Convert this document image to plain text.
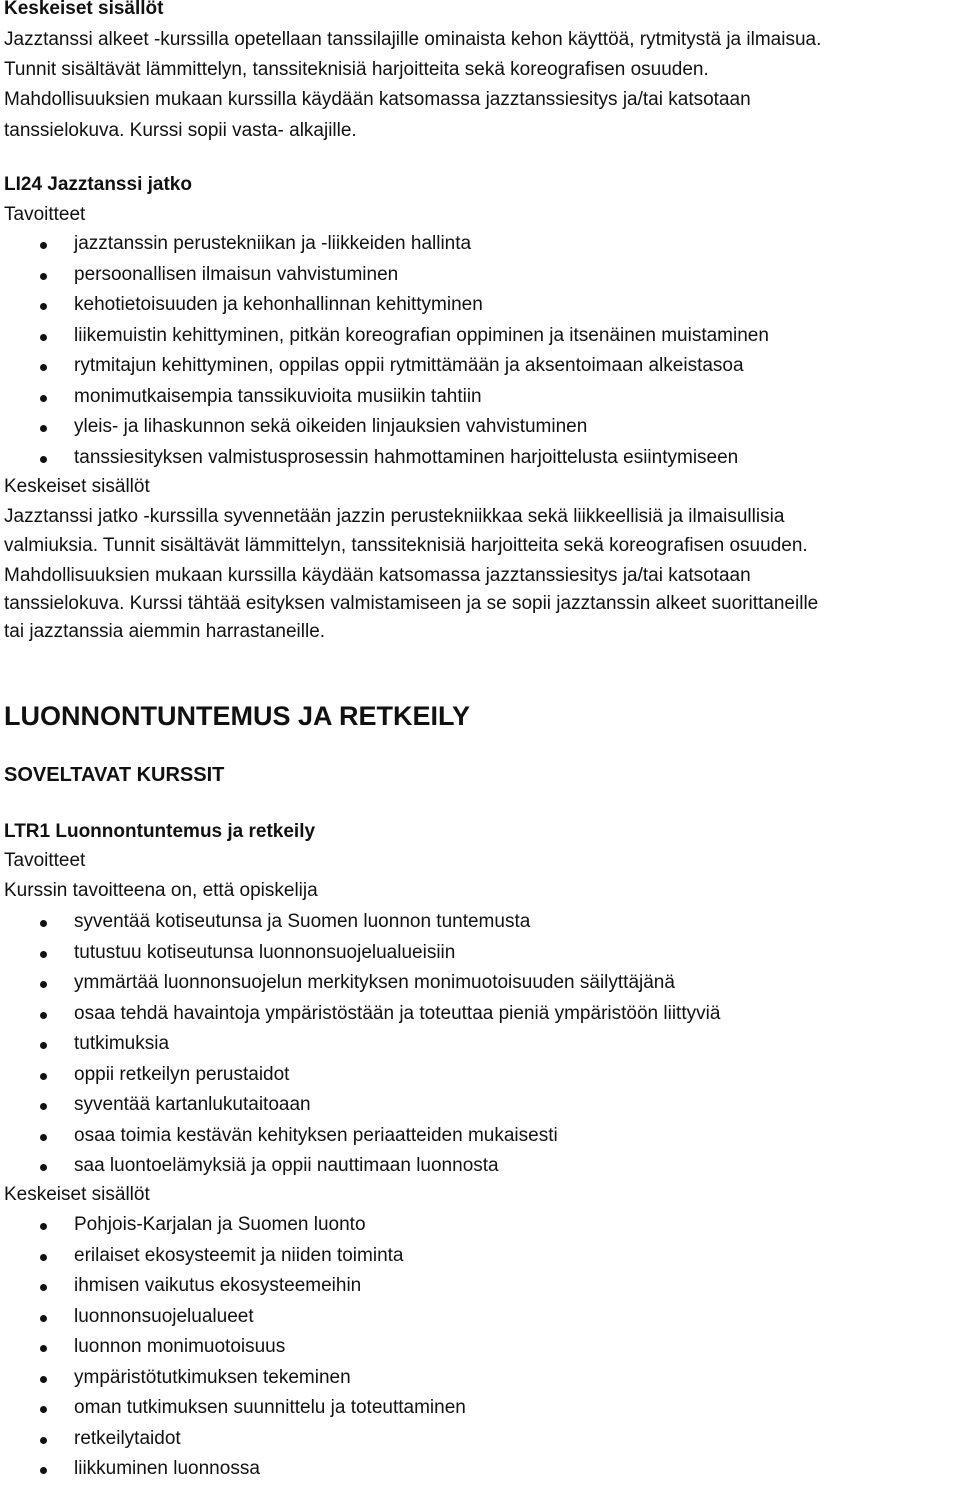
Keskeiset sisällöt
Jazztanssi alkeet -kurssilla opetellaan tanssilajille ominaista kehon käyttöä, rytmitystä ja ilmaisua.
Tunnit sisältävät lämmittelyn, tanssiteknisiä harjoitteita sekä koreografisen osuuden.
Mahdollisuuksien mukaan kurssilla käydään katsomassa jazztanssiesitys ja/tai katsotaan
tanssielokuva. Kurssi sopii vasta- alkajille.
LI24 Jazztanssi jatko
Tavoitteet
jazztanssin perustekniikan ja -liikkeiden hallinta
persoonallisen ilmaisun vahvistuminen
kehotietoisuuden ja kehonhallinnan kehittyminen
liikemuistin kehittyminen, pitkän koreografian oppiminen ja itsenäinen muistaminen
rytmitajun kehittyminen, oppilas oppii rytmittämään ja aksentoimaan alkeistasoa
monimutkaisempia tanssikuvioita musiikin tahtiin
yleis- ja lihaskunnon sekä oikeiden linjauksien vahvistuminen
tanssiesityksen valmistusprosessin hahmottaminen harjoittelusta esiintymiseen
Keskeiset sisällöt
Jazztanssi jatko -kurssilla syvennetään jazzin perustekniikkaa sekä liikkeellisiä ja ilmaisullisia
valmiuksia. Tunnit sisältävät lämmittelyn, tanssiteknisiä harjoitteita sekä koreografisen osuuden.
Mahdollisuuksien mukaan kurssilla käydään katsomassa jazztanssiesitys ja/tai katsotaan
tanssielokuva. Kurssi tähtää esityksen valmistamiseen ja se sopii jazztanssin alkeet suorittaneille
tai jazztanssia aiemmin harrastaneille.
LUONNONTUNTEMUS JA RETKEILY
SOVELTAVAT KURSSIT
LTR1 Luonnontuntemus ja retkeily
Tavoitteet
Kurssin tavoitteena on, että opiskelija
syventää kotiseutunsa ja Suomen luonnon tuntemusta
tutustuu kotiseutunsa luonnonsuojelualueisiin
ymmärtää luonnonsuojelun merkityksen monimuotoisuuden säilyttäjänä
osaa tehdä havaintoja ympäristöstään ja toteuttaa pieniä ympäristöön liittyviä
tutkimuksia
oppii retkeilyn perustaidot
syventää kartanlukutaitoaan
osaa toimia kestävän kehityksen periaatteiden mukaisesti
saa luontoelämyksiä ja oppii nauttimaan luonnosta
Keskeiset sisällöt
Pohjois-Karjalan ja Suomen luonto
erilaiset ekosysteemit ja niiden toiminta
ihmisen vaikutus ekosysteemeihin
luonnonsuojelualueet
luonnon monimuotoisuus
ympäristötutkimuksen tekeminen
oman tutkimuksen suunnittelu ja toteuttaminen
retkeilytaidot
liikkuminen luonnossa
